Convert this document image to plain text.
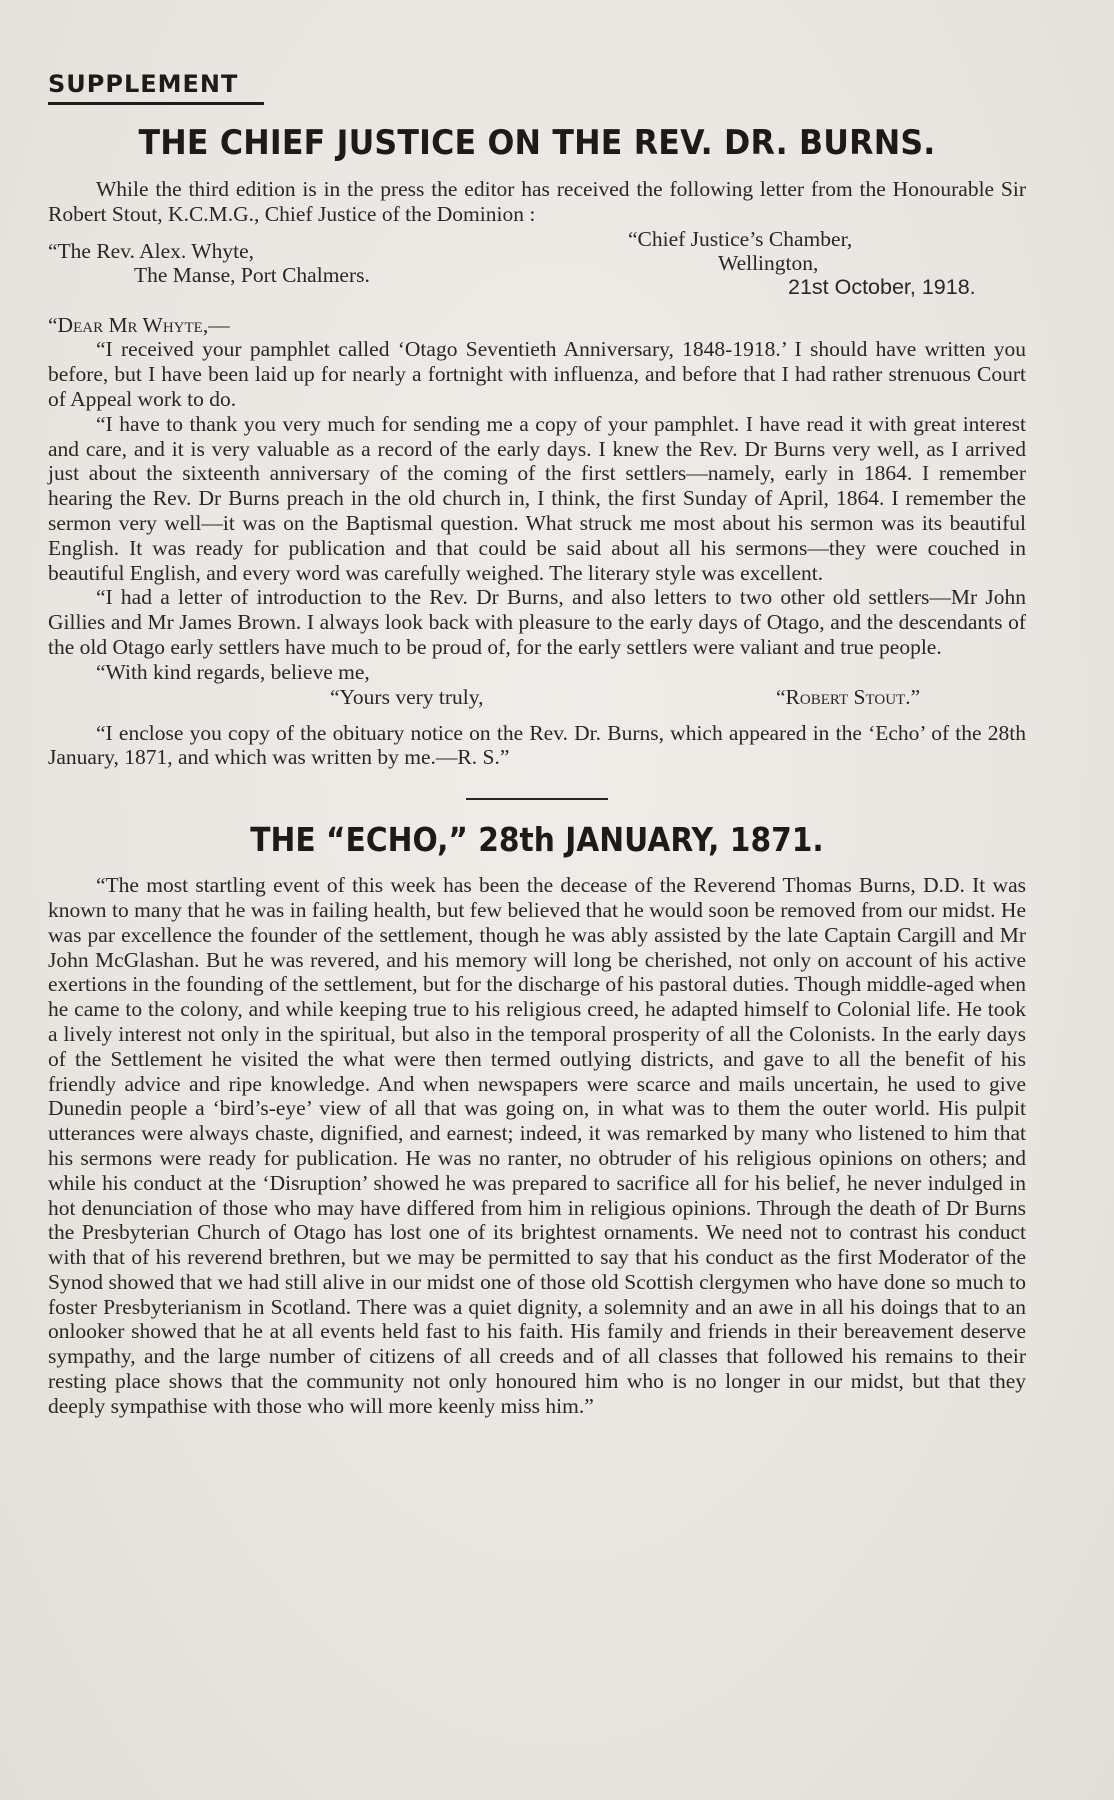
SUPPLEMENT
THE CHIEF JUSTICE ON THE REV. DR. BURNS.

While the third edition is in the press the editor has received the following letter from the Honourable Sir Robert Stout, K.C.M.G., Chief Justice of the Dominion :

“The Rev. Alex. Whyte,
The Manse, Port Chalmers.
“Chief Justice’s Chamber,
Wellington,
21st October, 1918.

“Dear Mr Whyte,—

“I received your pamphlet called ‘Otago Seventieth Anniversary, 1848-1918.’ I should have written you before, but I have been laid up for nearly a fortnight with influenza, and before that I had rather strenuous Court of Appeal work to do.

“I have to thank you very much for sending me a copy of your pamphlet. I have read it with great interest and care, and it is very valuable as a record of the early days. I knew the Rev. Dr Burns very well, as I arrived just about the sixteenth anniversary of the coming of the first settlers—namely, early in 1864. I remember hearing the Rev. Dr Burns preach in the old church in, I think, the first Sunday of April, 1864. I remember the sermon very well—it was on the Baptismal question. What struck me most about his sermon was its beautiful English. It was ready for publication and that could be said about all his sermons—they were couched in beautiful English, and every word was carefully weighed. The literary style was excellent.

“I had a letter of introduction to the Rev. Dr Burns, and also letters to two other old settlers—Mr John Gillies and Mr James Brown. I always look back with pleasure to the early days of Otago, and the descendants of the old Otago early settlers have much to be proud of, for the early settlers were valiant and true people.

“With kind regards, believe me,

“Yours very truly,	“Robert Stout.”

“I enclose you copy of the obituary notice on the Rev. Dr. Burns, which appeared in the ‘Echo’ of the 28th January, 1871, and which was written by me.—R. S.”

THE “ECHO,” 28th JANUARY, 1871.

“The most startling event of this week has been the decease of the Reverend Thomas Burns, D.D. It was known to many that he was in failing health, but few believed that he would soon be removed from our midst. He was par excellence the founder of the settlement, though he was ably assisted by the late Captain Cargill and Mr John McGlashan. But he was revered, and his memory will long be cherished, not only on account of his active exertions in the founding of the settlement, but for the discharge of his pastoral duties. Though middle-aged when he came to the colony, and while keeping true to his religious creed, he adapted himself to Colonial life. He took a lively interest not only in the spiritual, but also in the temporal prosperity of all the Colonists. In the early days of the Settlement he visited the what were then termed outlying districts, and gave to all the benefit of his friendly advice and ripe knowledge. And when newspapers were scarce and mails uncertain, he used to give Dunedin people a ‘bird’s-eye’ view of all that was going on, in what was to them the outer world. His pulpit utterances were always chaste, dignified, and earnest; indeed, it was remarked by many who listened to him that his sermons were ready for publication. He was no ranter, no obtruder of his religious opinions on others; and while his conduct at the ‘Disruption’ showed he was prepared to sacrifice all for his belief, he never indulged in hot denunciation of those who may have differed from him in religious opinions. Through the death of Dr Burns the Presbyterian Church of Otago has lost one of its brightest ornaments. We need not to contrast his conduct with that of his reverend brethren, but we may be permitted to say that his conduct as the first Moderator of the Synod showed that we had still alive in our midst one of those old Scottish clergymen who have done so much to foster Presbyterianism in Scotland. There was a quiet dignity, a solemnity and an awe in all his doings that to an onlooker showed that he at all events held fast to his faith. His family and friends in their bereavement deserve sympathy, and the large number of citizens of all creeds and of all classes that followed his remains to their resting place shows that the community not only honoured him who is no longer in our midst, but that they deeply sympathise with those who will more keenly miss him.”
